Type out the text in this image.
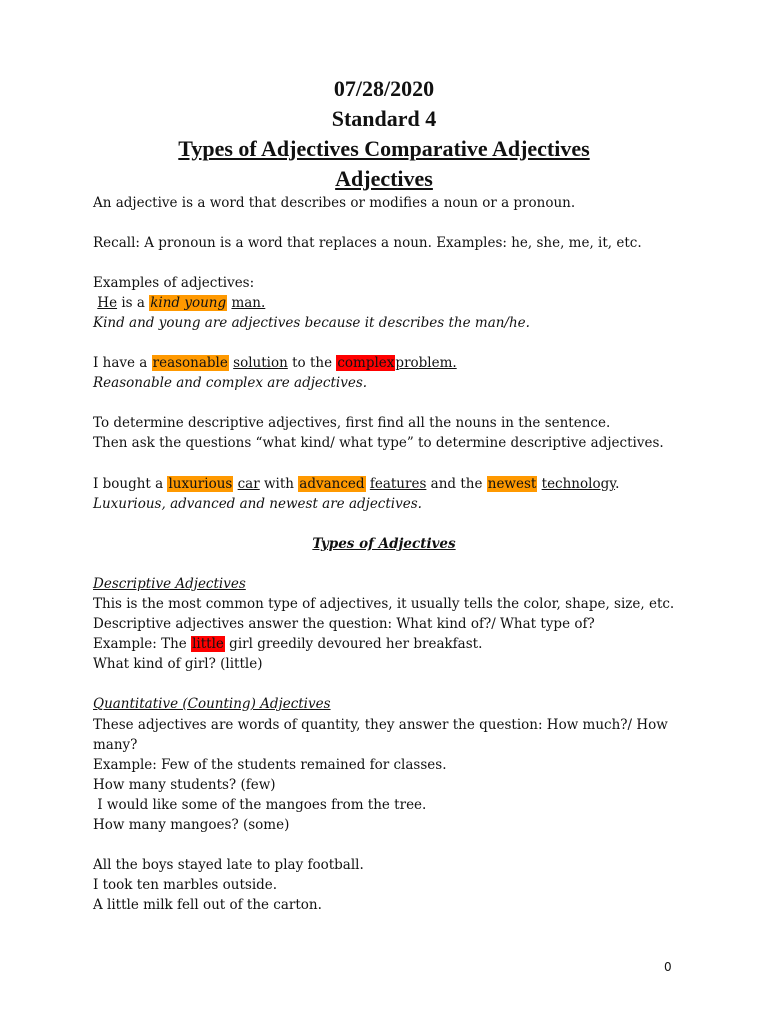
07/28/2020
Standard 4
Types of Adjectives Comparative Adjectives
Adjectives
An adjective is a word that describes or modifies a noun or a pronoun.
Recall: A pronoun is a word that replaces a noun. Examples: he, she, me, it, etc.
Examples of adjectives:
He is a kind young man.
Kind and young are adjectives because it describes the man/he.
I have a reasonable solution to the complexproblem.
Reasonable and complex are adjectives.
To determine descriptive adjectives, first find all the nouns in the sentence.
Then ask the questions “what kind/ what type” to determine descriptive adjectives.
I bought a luxurious car with advanced features and the newest technology.
Luxurious, advanced and newest are adjectives.
Types of Adjectives
Descriptive Adjectives
This is the most common type of adjectives, it usually tells the color, shape, size, etc.
Descriptive adjectives answer the question: What kind of?/ What type of?
Example: The little girl greedily devoured her breakfast.
What kind of girl? (little)
Quantitative (Counting) Adjectives
These adjectives are words of quantity, they answer the question: How much?/ How
many?
Example: Few of the students remained for classes.
How many students? (few)
I would like some of the mangoes from the tree.
How many mangoes? (some)
All the boys stayed late to play football.
I took ten marbles outside.
A little milk fell out of the carton.
0
